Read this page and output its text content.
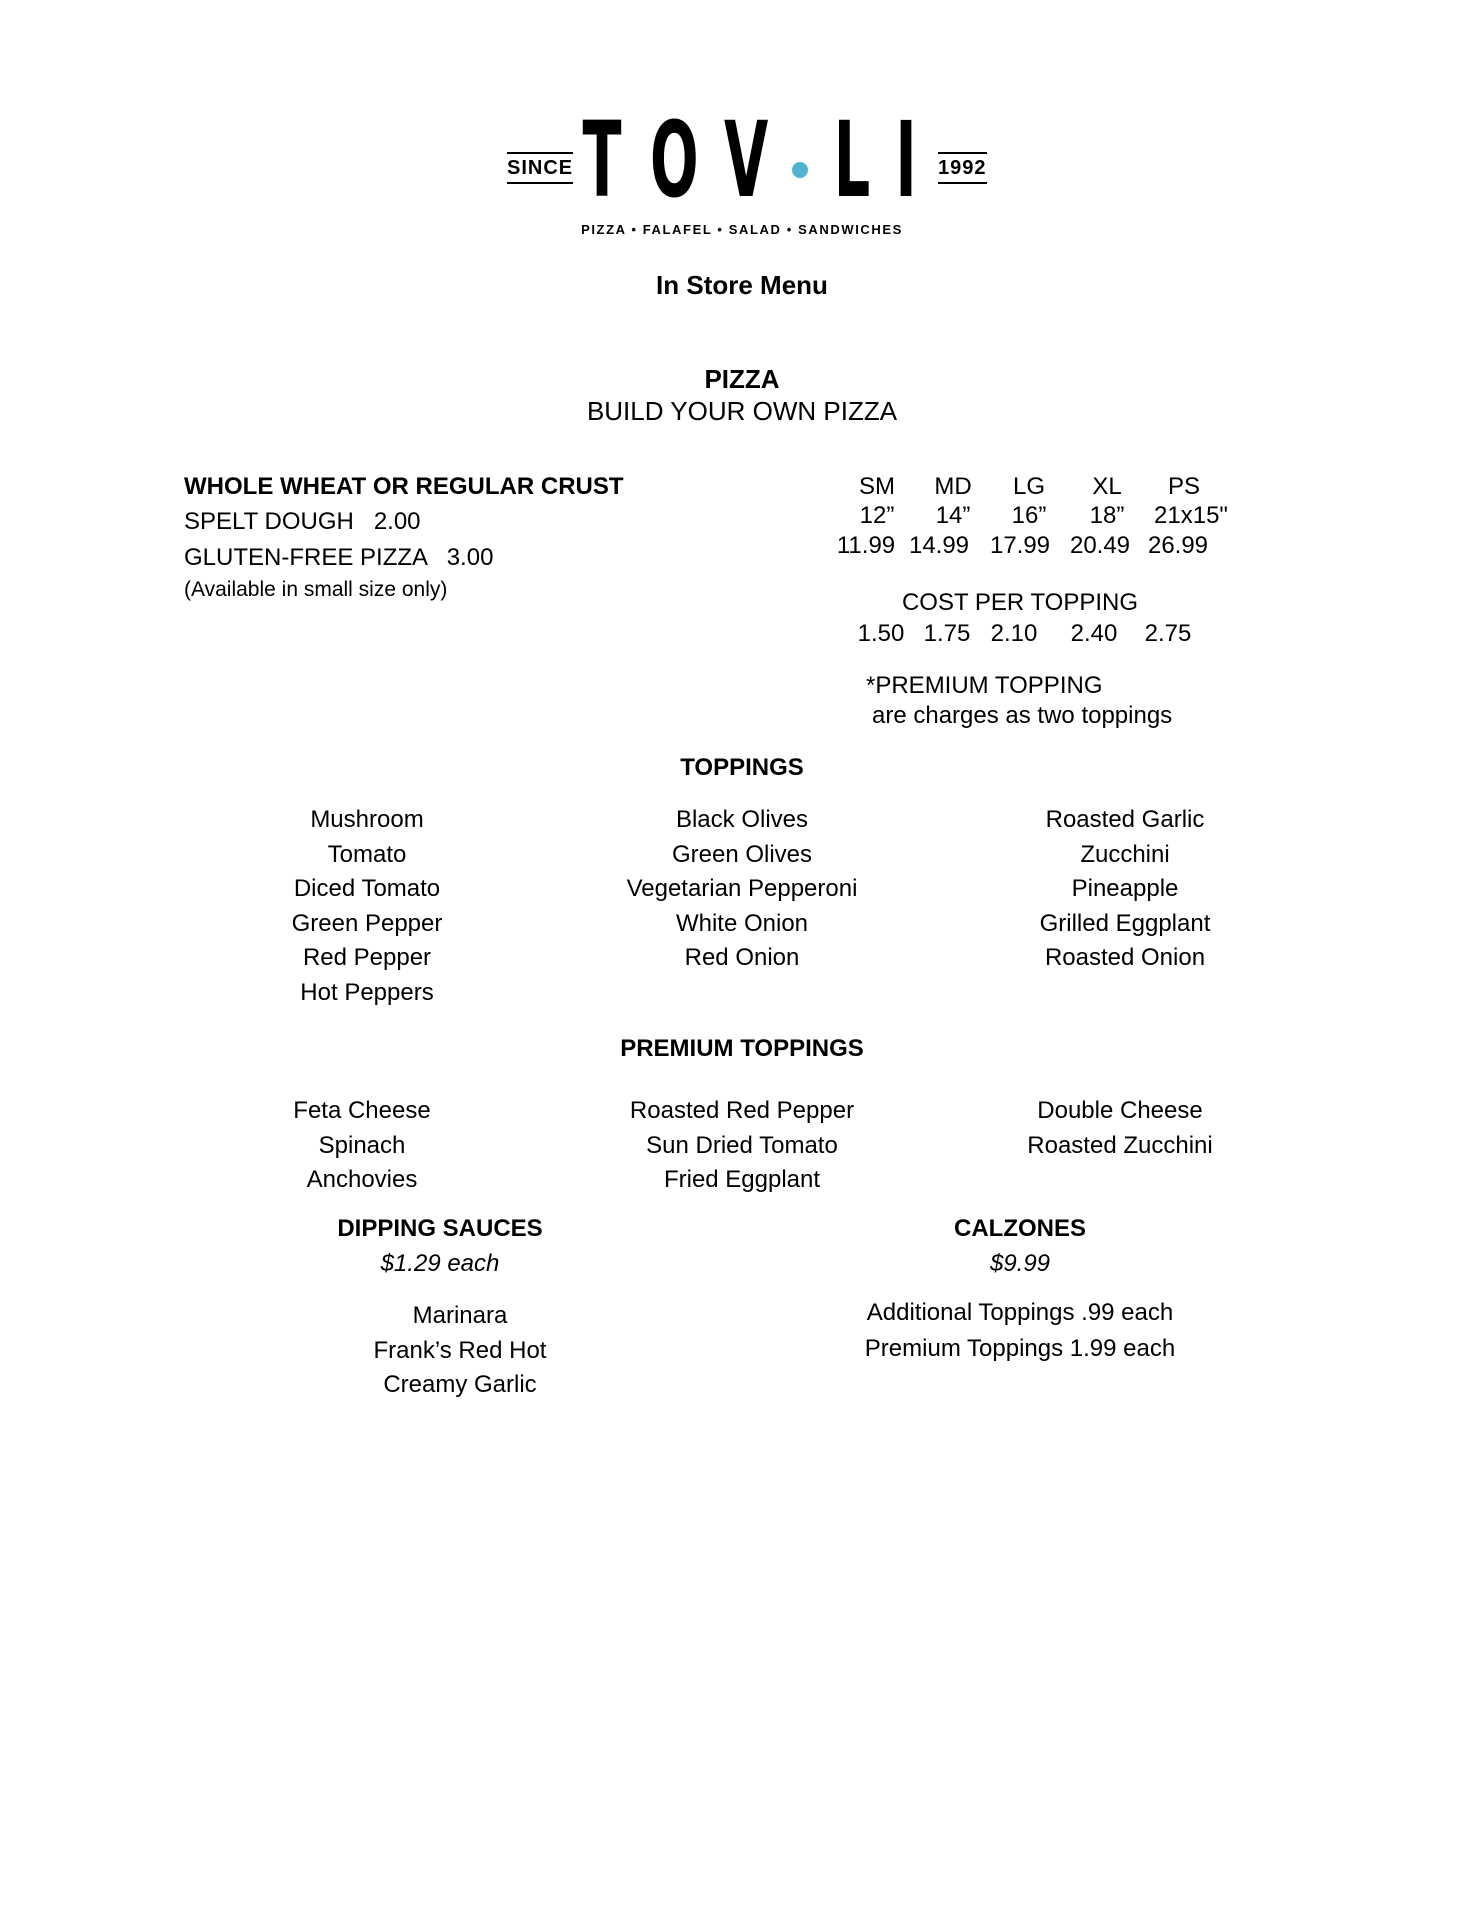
SINCE T O V L I	1992
PIZZA • FALAFEL • SALAD • SANDWICHES
In Store Menu
PIZZA
BUILD YOUR OWN PIZZA
WHOLE WHEAT OR REGULAR CRUST
SPELT DOUGH   2.00
GLUTEN-FREE PIZZA   3.00
(Available in small size only)
SM	MD	LG	XL	PS
12”	14”	16”	18”	21x15"
11.99 14.99 17.99 20.49 26.99
COST PER TOPPING
1.50 1.75 2.10	2.40	2.75
*PREMIUM TOPPING
are charges as two toppings
TOPPINGS
Mushroom
Tomato
Diced Tomato
Green Pepper
Red Pepper
Hot Peppers
Black Olives
Green Olives
Vegetarian Pepperoni
White Onion
Red Onion
Roasted Garlic
Zucchini
Pineapple
Grilled Eggplant
Roasted Onion
PREMIUM TOPPINGS
Feta Cheese
Spinach
Anchovies
Roasted Red Pepper
Sun Dried Tomato
Fried Eggplant
Double Cheese
Roasted Zucchini
DIPPING SAUCES
$1.29 each
Marinara
Frank’s Red Hot
Creamy Garlic
CALZONES
$9.99
Additional Toppings .99 each
Premium Toppings 1.99 each
